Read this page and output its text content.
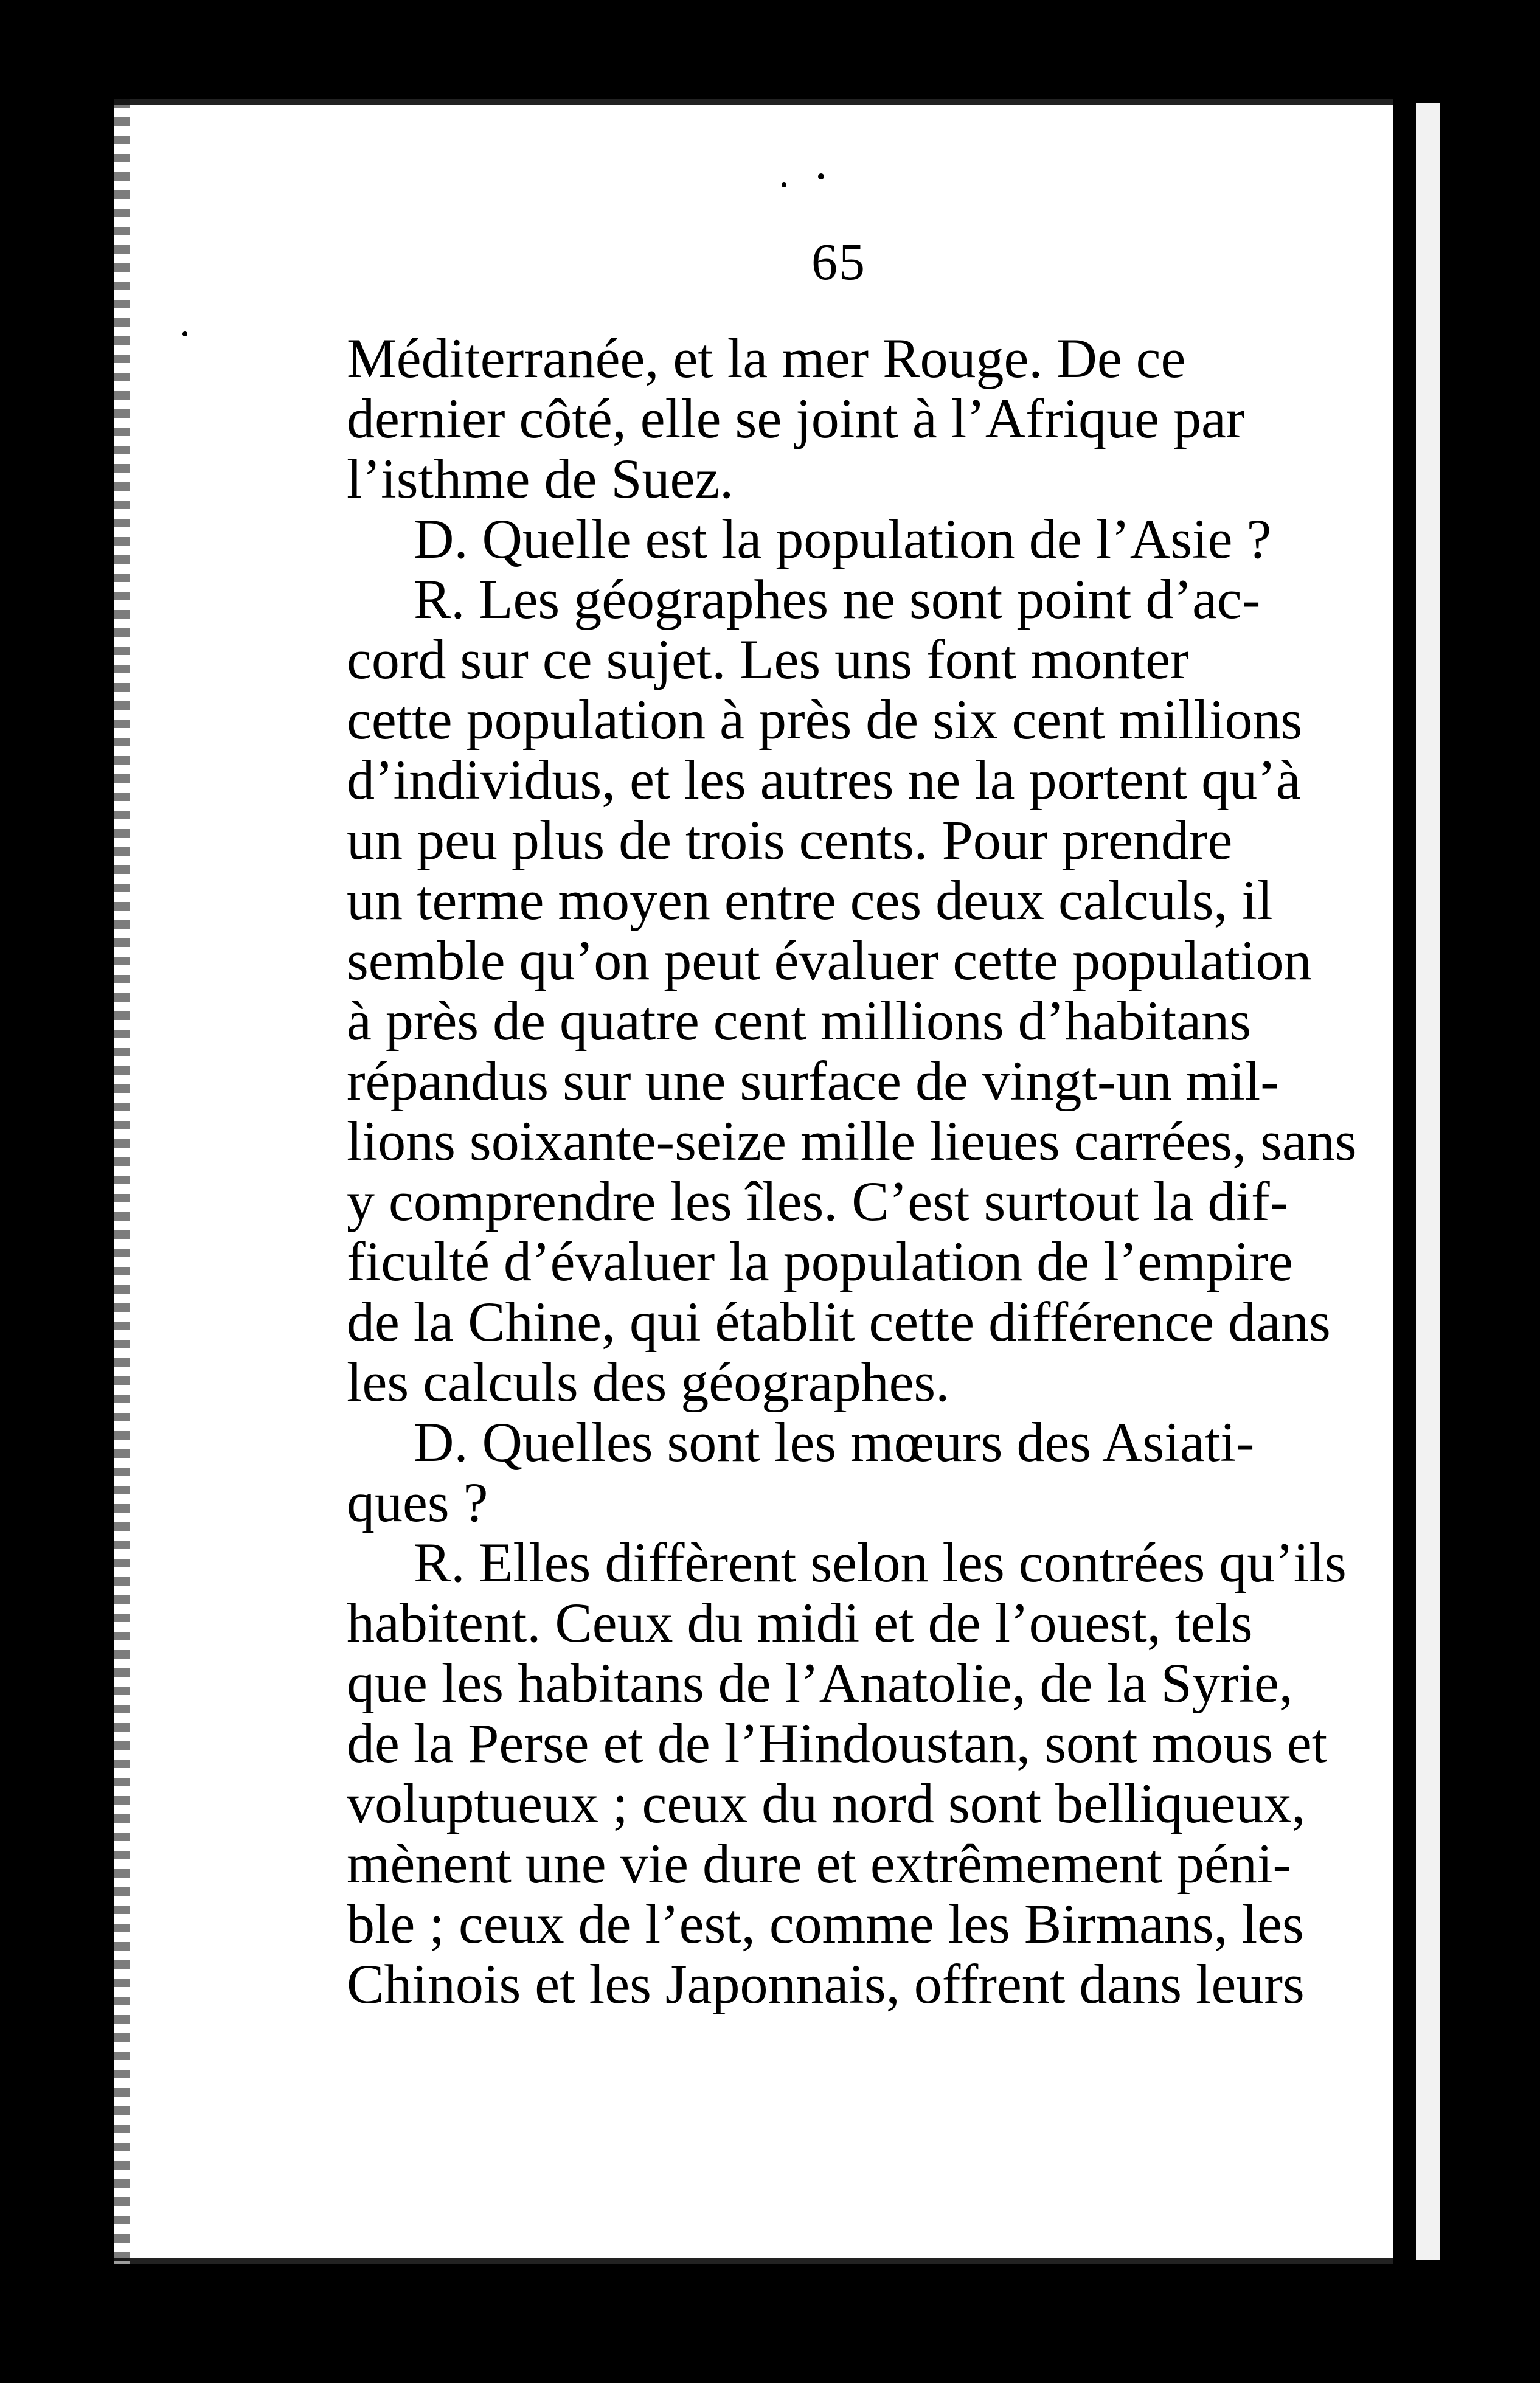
65
Méditerranée, et la mer Rouge. De ce
dernier côté, elle se joint à l’Afrique par
l’isthme de Suez.
D. Quelle est la population de l’Asie ?
R. Les géographes ne sont point d’ac-
cord sur ce sujet. Les uns font monter
cette population à près de six cent millions
d’individus, et les autres ne la portent qu’à
un peu plus de trois cents. Pour prendre
un terme moyen entre ces deux calculs, il
semble qu’on peut évaluer cette population
à près de quatre cent millions d’habitans
répandus sur une surface de vingt-un mil-
lions soixante-seize mille lieues carrées, sans
y comprendre les îles. C’est surtout la dif-
ficulté d’évaluer la population de l’empire
de la Chine, qui établit cette différence dans
les calculs des géographes.
D. Quelles sont les mœurs des Asiati-
ques ?
R. Elles diffèrent selon les contrées qu’ils
habitent. Ceux du midi et de l’ouest, tels
que les habitans de l’Anatolie, de la Syrie,
de la Perse et de l’Hindoustan, sont mous et
voluptueux ; ceux du nord sont belliqueux,
mènent une vie dure et extrêmement péni-
ble ; ceux de l’est, comme les Birmans, les
Chinois et les Japonnais, offrent dans leurs
